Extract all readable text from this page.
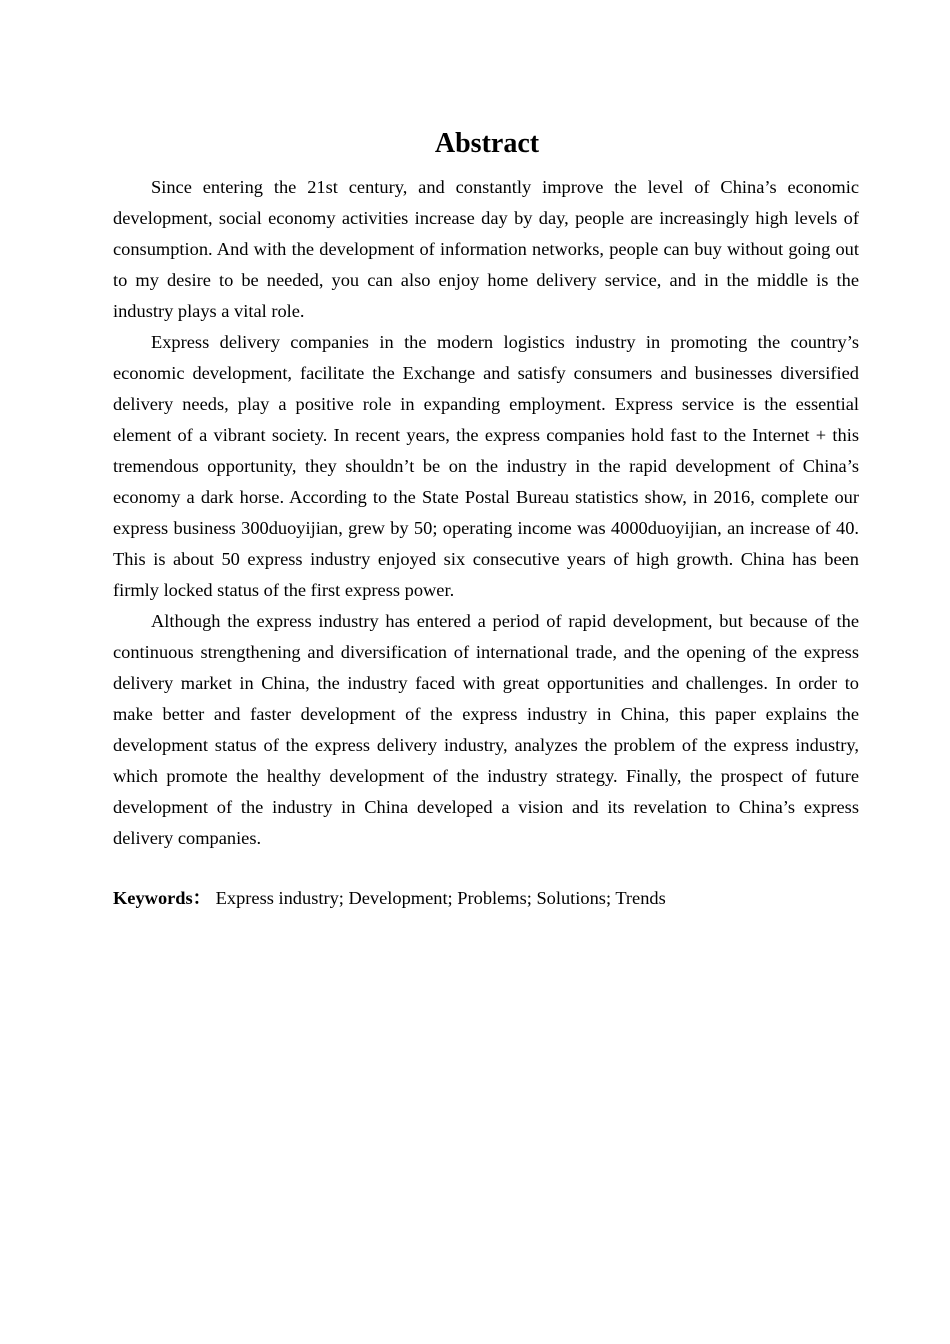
Abstract

Since entering the 21st century, and constantly improve the level of China’s economic development, social economy activities increase day by day, people are increasingly high levels of consumption. And with the development of information networks, people can buy without going out to my desire to be needed, you can also enjoy home delivery service, and in the middle is the industry plays a vital role.

Express delivery companies in the modern logistics industry in promoting the country’s economic development, facilitate the Exchange and satisfy consumers and businesses diversified delivery needs, play a positive role in expanding employment. Express service is the essential element of a vibrant society. In recent years, the express companies hold fast to the Internet + this tremendous opportunity, they shouldn’t be on the industry in the rapid development of China’s economy a dark horse. According to the State Postal Bureau statistics show, in 2016, complete our express business 300duoyijian, grew by 50; operating income was 4000duoyijian, an increase of 40. This is about 50 express industry enjoyed six consecutive years of high growth. China has been firmly locked status of the first express power.

Although the express industry has entered a period of rapid development, but because of the continuous strengthening and diversification of international trade, and the opening of the express delivery market in China, the industry faced with great opportunities and challenges. In order to make better and faster development of the express industry in China, this paper explains the development status of the express delivery industry, analyzes the problem of the express industry, which promote the healthy development of the industry strategy. Finally, the prospect of future development of the industry in China developed a vision and its revelation to China’s express delivery companies.

Keywords： Express industry; Development; Problems; Solutions; Trends
